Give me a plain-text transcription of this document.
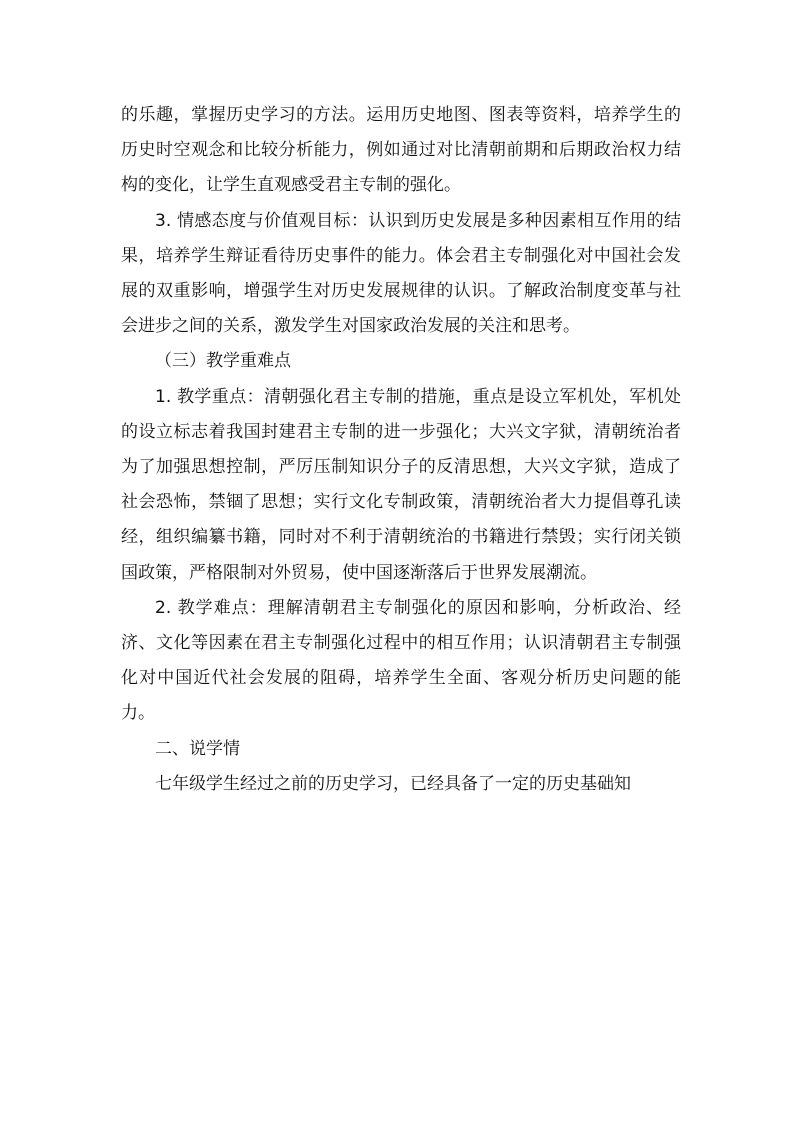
的乐趣，掌握历史学习的方法。运用历史地图、图表等资料，培养学生的历史时空观念和比较分析能力，例如通过对比清朝前期和后期政治权力结构的变化，让学生直观感受君主专制的强化。

3. 情感态度与价值观目标：认识到历史发展是多种因素相互作用的结果，培养学生辩证看待历史事件的能力。体会君主专制强化对中国社会发展的双重影响，增强学生对历史发展规律的认识。了解政治制度变革与社会进步之间的关系，激发学生对国家政治发展的关注和思考。

（三）教学重难点

1. 教学重点：清朝强化君主专制的措施，重点是设立军机处，军机处的设立标志着我国封建君主专制的进一步强化；大兴文字狱，清朝统治者为了加强思想控制，严厉压制知识分子的反清思想，大兴文字狱，造成了社会恐怖，禁锢了思想；实行文化专制政策，清朝统治者大力提倡尊孔读经，组织编纂书籍，同时对不利于清朝统治的书籍进行禁毁；实行闭关锁国政策，严格限制对外贸易，使中国逐渐落后于世界发展潮流。

2. 教学难点：理解清朝君主专制强化的原因和影响，分析政治、经济、文化等因素在君主专制强化过程中的相互作用；认识清朝君主专制强化对中国近代社会发展的阻碍，培养学生全面、客观分析历史问题的能力。

二、说学情

七年级学生经过之前的历史学习，已经具备了一定的历史基础知
